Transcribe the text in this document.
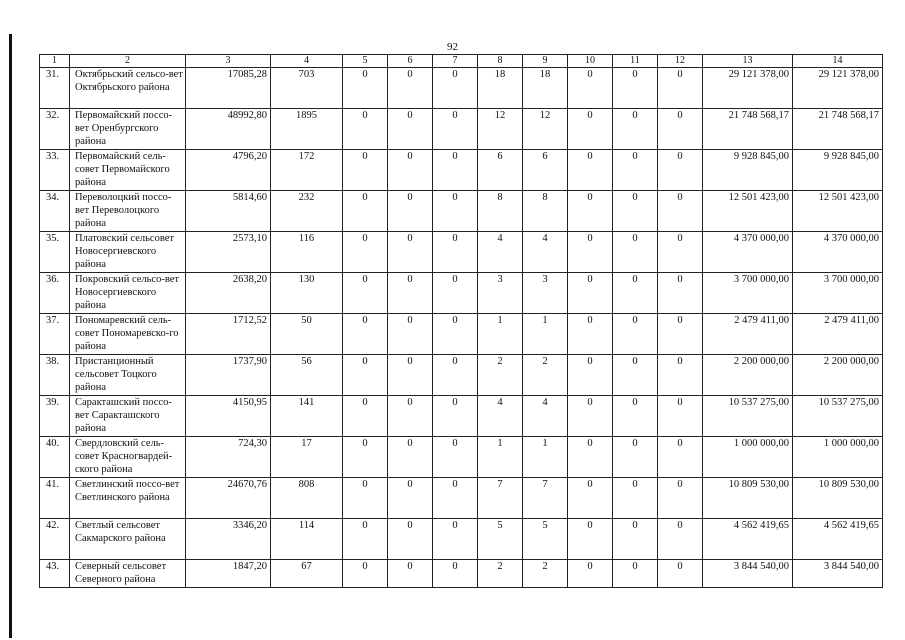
92
1	2	3	4	5	6	7	8	9	10	11	12	13	14
31.	Октябрьский сельсо-вет Октябрьского района	17085,28	703	0	0	0	18	18	0	0	0	29 121 378,00	29 121 378,00
32.	Первомайский поссо-вет Оренбургского района	48992,80	1895	0	0	0	12	12	0	0	0	21 748 568,17	21 748 568,17
33.	Первомайский сель-совет Первомайского района	4796,20	172	0	0	0	6	6	0	0	0	9 928 845,00	9 928 845,00
34.	Переволоцкий поссо-вет Переволоцкого района	5814,60	232	0	0	0	8	8	0	0	0	12 501 423,00	12 501 423,00
35.	Платовский сельсовет Новосергиевского района	2573,10	116	0	0	0	4	4	0	0	0	4 370 000,00	4 370 000,00
36.	Покровский сельсо-вет Новосергиевского района	2638,20	130	0	0	0	3	3	0	0	0	3 700 000,00	3 700 000,00
37.	Пономаревский сель-совет Пономаревско-го района	1712,52	50	0	0	0	1	1	0	0	0	2 479 411,00	2 479 411,00
38.	Пристанционный сельсовет Тоцкого района	1737,90	56	0	0	0	2	2	0	0	0	2 200 000,00	2 200 000,00
39.	Саракташский поссо-вет Саракташского района	4150,95	141	0	0	0	4	4	0	0	0	10 537 275,00	10 537 275,00
40.	Свердловский сель-совет Красногвардей-ского района	724,30	17	0	0	0	1	1	0	0	0	1 000 000,00	1 000 000,00
41.	Светлинский поссо-вет Светлинского района	24670,76	808	0	0	0	7	7	0	0	0	10 809 530,00	10 809 530,00
42.	Светлый сельсовет Сакмарского района	3346,20	114	0	0	0	5	5	0	0	0	4 562 419,65	4 562 419,65
43.	Северный сельсовет Северного района	1847,20	67	0	0	0	2	2	0	0	0	3 844 540,00	3 844 540,00
